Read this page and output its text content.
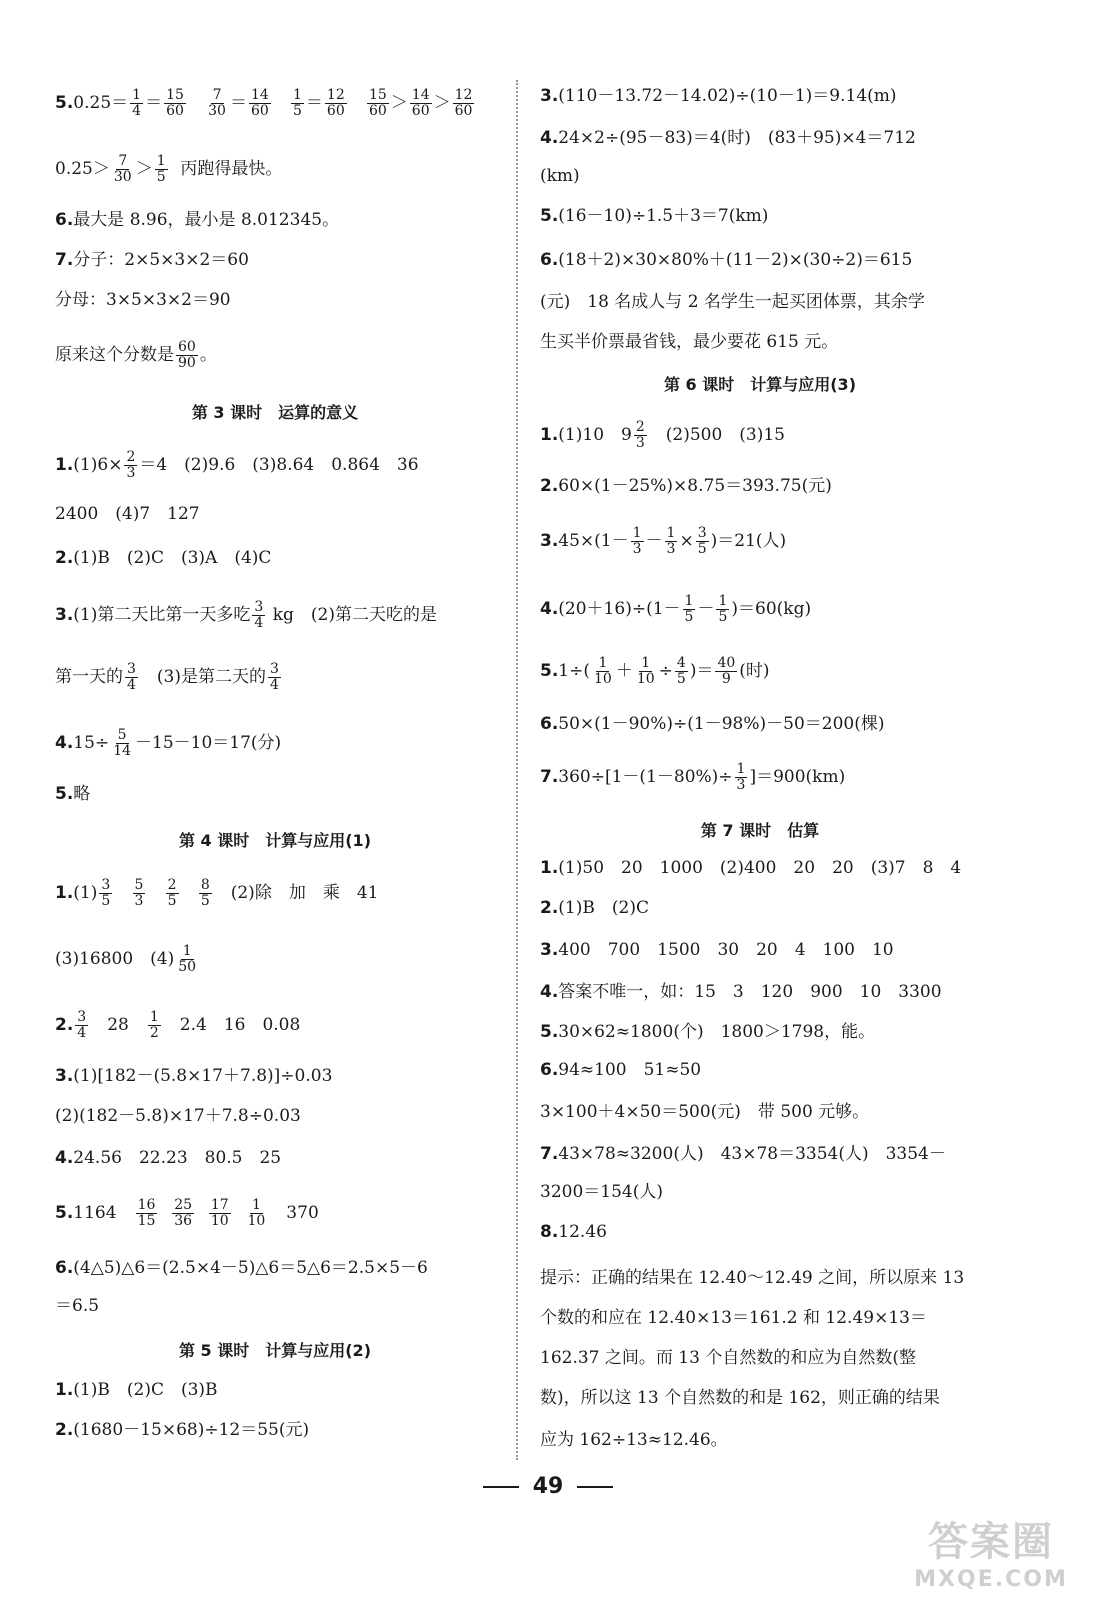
$5.0.25= \frac{1}{4} = \frac{15}{60}$
$\frac{7}{30} = \frac{14}{60}$
$\frac{1}{5} = \frac{12}{60}$
$\frac{15}{60} > \frac{14}{60} > \frac{12}{60}$
$0.25> \frac{7}{30} > \frac{1}{5}$ 丙跑得最快。
6.最大是 8.96，最小是 8.012345。
7.分子：2×5×3×2＝60
分母：3×5×3×2＝90
原来这个分数是 $\frac{60}{90}$ 。
第 3 课时　运算的意义
$1.(1)6\times \frac{2}{3} =4$　(2)9.6　(3)8.64　0.864　36
2400　(4)7　127
2.(1)B　(2)C　(3)A　(4)C
3.(1)第二天比第一天多吃 $\frac{3}{4}$ kg　(2)第二天吃的是
第一天的 $\frac{3}{4}$ 　(3)是第二天的 $\frac{3}{4}$
$4.15\div \frac{5}{14} -15-10=17$(分)
5.略
第 4 课时　计算与应用(1)
$1.(1) \frac{3}{5}$
$\frac{5}{3}$
$\frac{2}{5}$
$\frac{8}{5}$ 　(2)除　加　乘　41
(3)16800　$(4) \frac{1}{50}$
2. $\frac{3}{4}$ 　28　 $\frac{1}{2}$ 　2.4　16　0.08
3.(1)[182－(5.8×17＋7.8)]÷0.03
(2)(182－5.8)×17＋7.8÷0.03
4.24.56　22.23　80.5　25
5.1164　 $\frac{16}{15}$
$\frac{25}{36}$
$\frac{17}{10}$
$\frac{1}{10}$ 　370
6.(4△5)△6＝(2.5×4－5)△6＝5△6＝2.5×5－6
＝6.5
第 5 课时　计算与应用(2)
1.(1)B　(2)C　(3)B
2.(1680－15×68)÷12＝55(元)
3.(110－13.72－14.02)÷(10－1)＝9.14(m)
4.24×2÷(95－83)＝4(时)　(83＋95)×4＝712
(km)
5.(16－10)÷1.5＋3＝7(km)
6.(18＋2)×30×80%＋(11－2)×(30÷2)＝615
(元)　18 名成人与 2 名学生一起买团体票，其余学
生买半价票最省钱，最少要花 615 元。
第 6 课时　计算与应用(3)
1.(1)10　$9 \frac{2}{3}$ 　(2)500　(3)15
2.60×(1－25%)×8.75＝393.75(元)
$3.45\times(1- \frac{1}{3} - \frac{1}{3} \times \frac{3}{5} )=21$(人)
$4.(20+16)\div(1- \frac{1}{5} - \frac{1}{5} )=60(kg)$
$5.1\div( \frac{1}{10} + \frac{1}{10} \div \frac{4}{5}$ )＝ $\frac{40}{9}$ (时)
6.50×(1－90%)÷(1－98%)－50＝200(棵)
$7.360\div[1-(1-80\%)\div \frac{1}{3} ]=900(km)$
第 7 课时　估算
1.(1)50　20　1000　(2)400　20　20　(3)7　8　4
2.(1)B　(2)C
3.400　700　1500　30　20　4　100　10
4.答案不唯一，如：15　3　120　900　10　3300
5.30×62≈1800(个)　1800＞1798，能。
6.94≈100　51≈50
3×100＋4×50＝500(元)　带 500 元够。
7.43×78≈3200(人)　43×78＝3354(人)　3354－
3200＝154(人)
8.12.46
提示：正确的结果在 12.40～12.49 之间，所以原来 13
个数的和应在 12.40×13＝161.2 和 12.49×13＝
162.37 之间。而 13 个自然数的和应为自然数(整
数)，所以这 13 个自然数的和是 162，则正确的结果
应为 162÷13≈12.46。
49
答案圈
MXQE.COM
